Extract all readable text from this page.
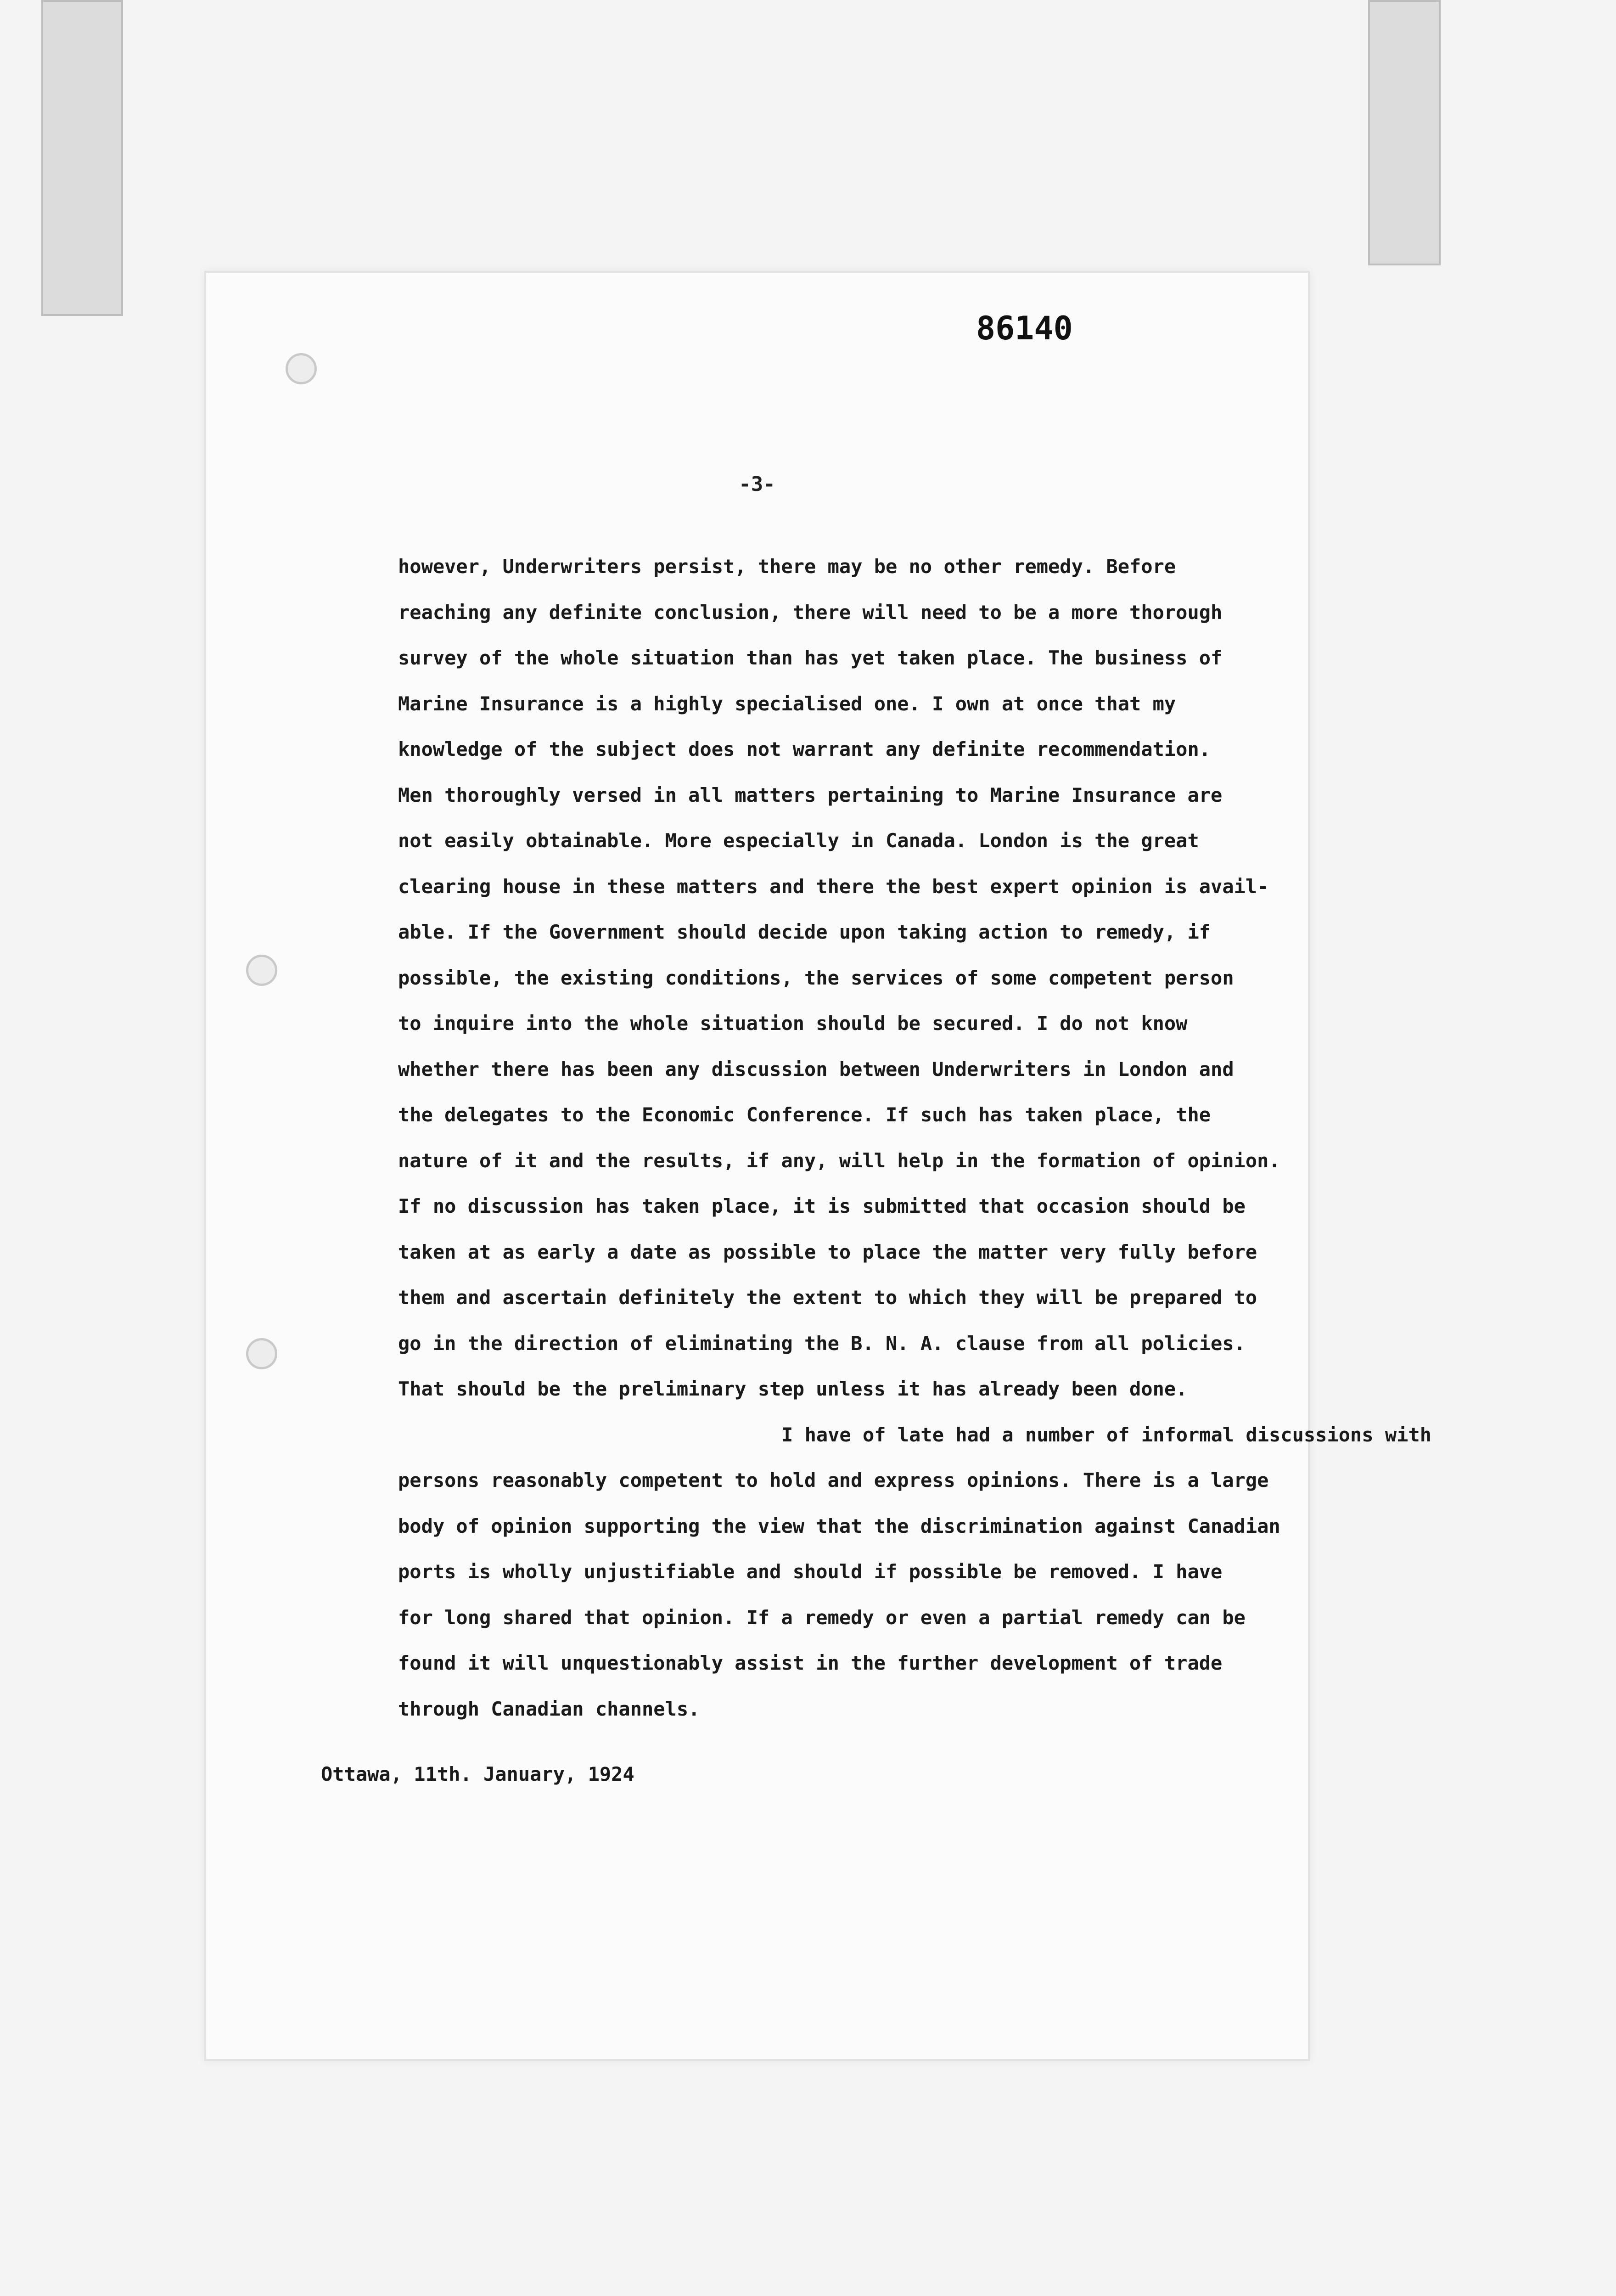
86140
-3-
however, Underwriters persist, there may be no other remedy. Before
reaching any definite conclusion, there will need to be a more thorough
survey of the whole situation than has yet taken place. The business of
Marine Insurance is a highly specialised one. I own at once that my
knowledge of the subject does not warrant any definite recommendation.
Men thoroughly versed in all matters pertaining to Marine Insurance are
not easily obtainable. More especially in Canada. London is the great
clearing house in these matters and there the best expert opinion is avail-
able. If the Government should decide upon taking action to remedy, if
possible, the existing conditions, the services of some competent person
to inquire into the whole situation should be secured. I do not know
whether there has been any discussion between Underwriters in London and
the delegates to the Economic Conference. If such has taken place, the
nature of it and the results, if any, will help in the formation of opinion.
If no discussion has taken place, it is submitted that occasion should be
taken at as early a date as possible to place the matter very fully before
them and ascertain definitely the extent to which they will be prepared to
go in the direction of eliminating the B. N. A. clause from all policies.
That should be the preliminary step unless it has already been done.
I have of late had a number of informal discussions with
persons reasonably competent to hold and express opinions. There is a large
body of opinion supporting the view that the discrimination against Canadian
ports is wholly unjustifiable and should if possible be removed. I have
for long shared that opinion. If a remedy or even a partial remedy can be
found it will unquestionably assist in the further development of trade
through Canadian channels.
Ottawa, 11th. January, 1924
